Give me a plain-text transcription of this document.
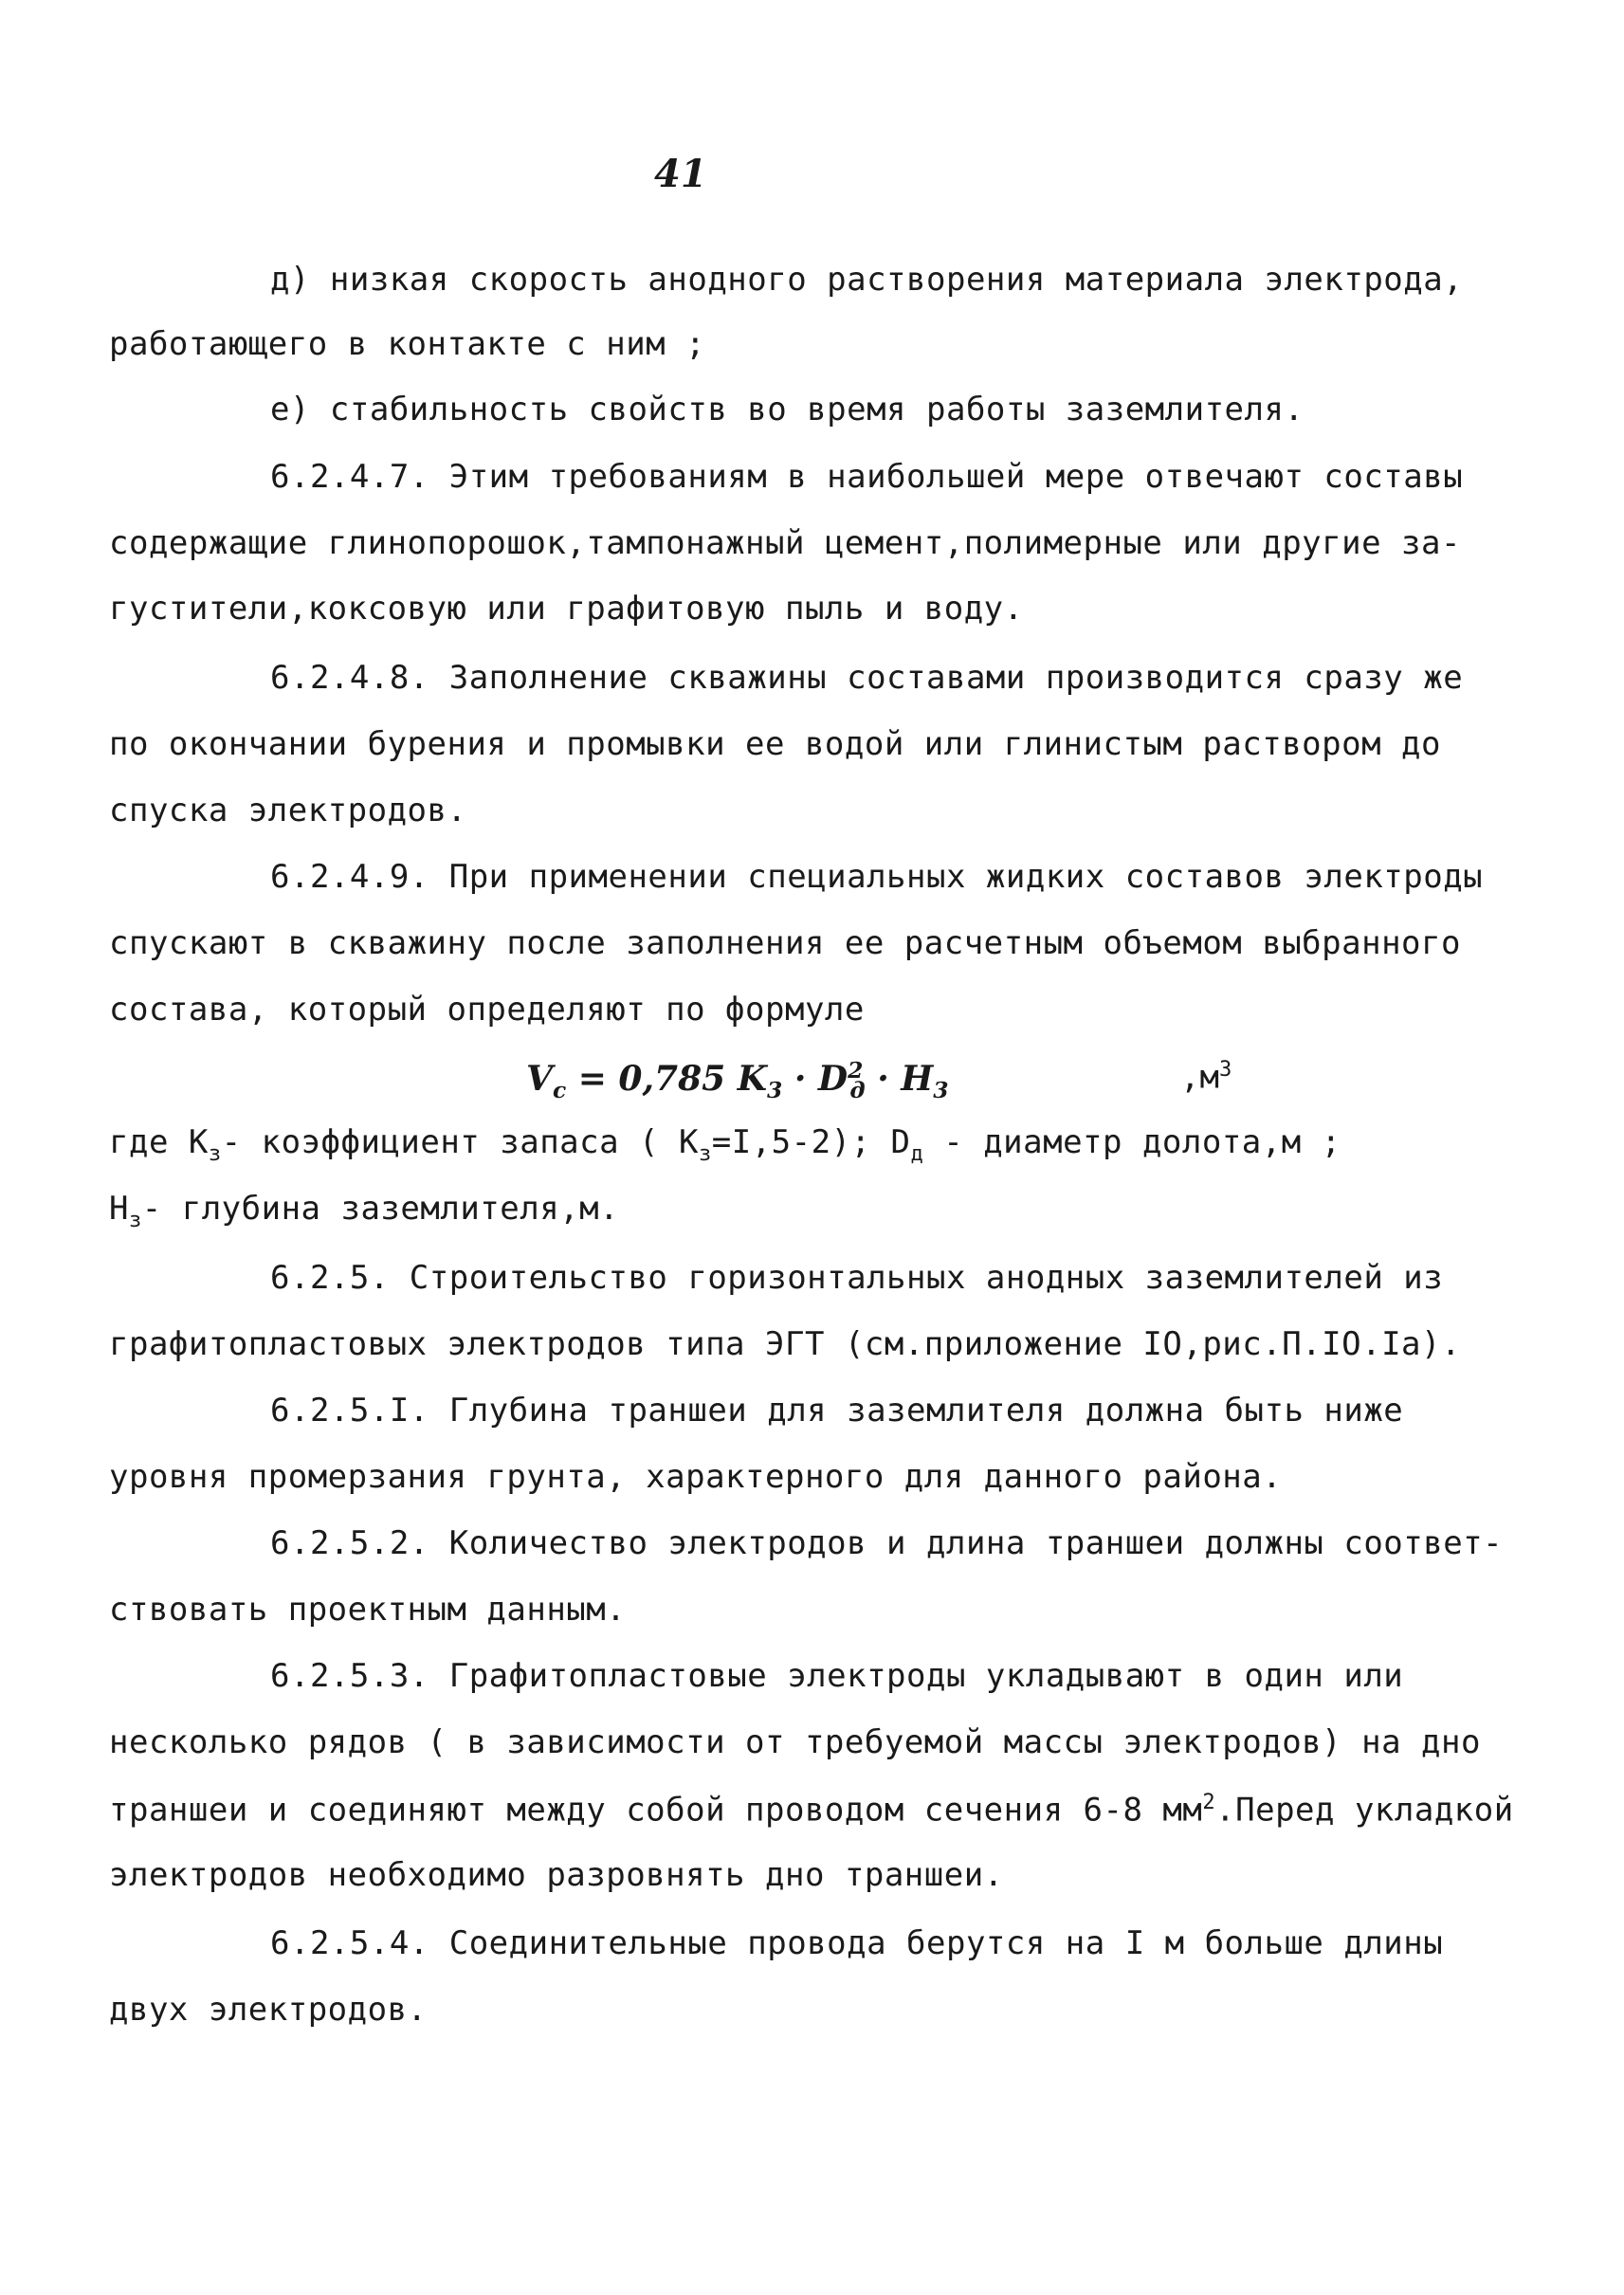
41
д) низкая скорость анодного растворения материала электрода,
работающего в контакте с ним ;
е) стабильность свойств во время работы заземлителя.
6.2.4.7. Этим требованиям в наибольшей мере отвечают составы
содержащие глинопорошок,тампонажный цемент,полимерные или другие за-
густители,коксовую или графитовую пыль и воду.
6.2.4.8. Заполнение скважины составами производится сразу же
по окончании бурения и промывки ее водой или глинистым раствором до
спуска электродов.
6.2.4.9. При применении специальных жидких составов электроды
спускают в скважину после заполнения ее расчетным объемом выбранного
состава, который определяют по формуле
$V_c = 0,785$ $K_3 \cdot D^2_д \cdot H_3$	$,м^3$
где $К_з-$ коэффициент запаса ( $К_з=I,5-2$); $D_д$ - диаметр долота,м ;
$Н_з-$ глубина заземлителя,м.
6.2.5. Строительство горизонтальных анодных заземлителей из
графитопластовых электродов типа ЭГТ (см.приложение IO,рис.П.IO.Iа).
6.2.5.I. Глубина траншеи для заземлителя должна быть ниже
уровня промерзания грунта, характерного для данного района.
6.2.5.2. Количество электродов и длина траншеи должны соответ-
ствовать проектным данным.
6.2.5.3. Графитопластовые электроды укладывают в один или
несколько рядов ( в зависимости от требуемой массы электродов) на дно
траншеи и соединяют между собой проводом сечения 6-8 $мм^2.Перед$ укладкой
электродов необходимо разровнять дно траншеи.
6.2.5.4. Соединительные провода берутся на I м больше длины
двух электродов.
